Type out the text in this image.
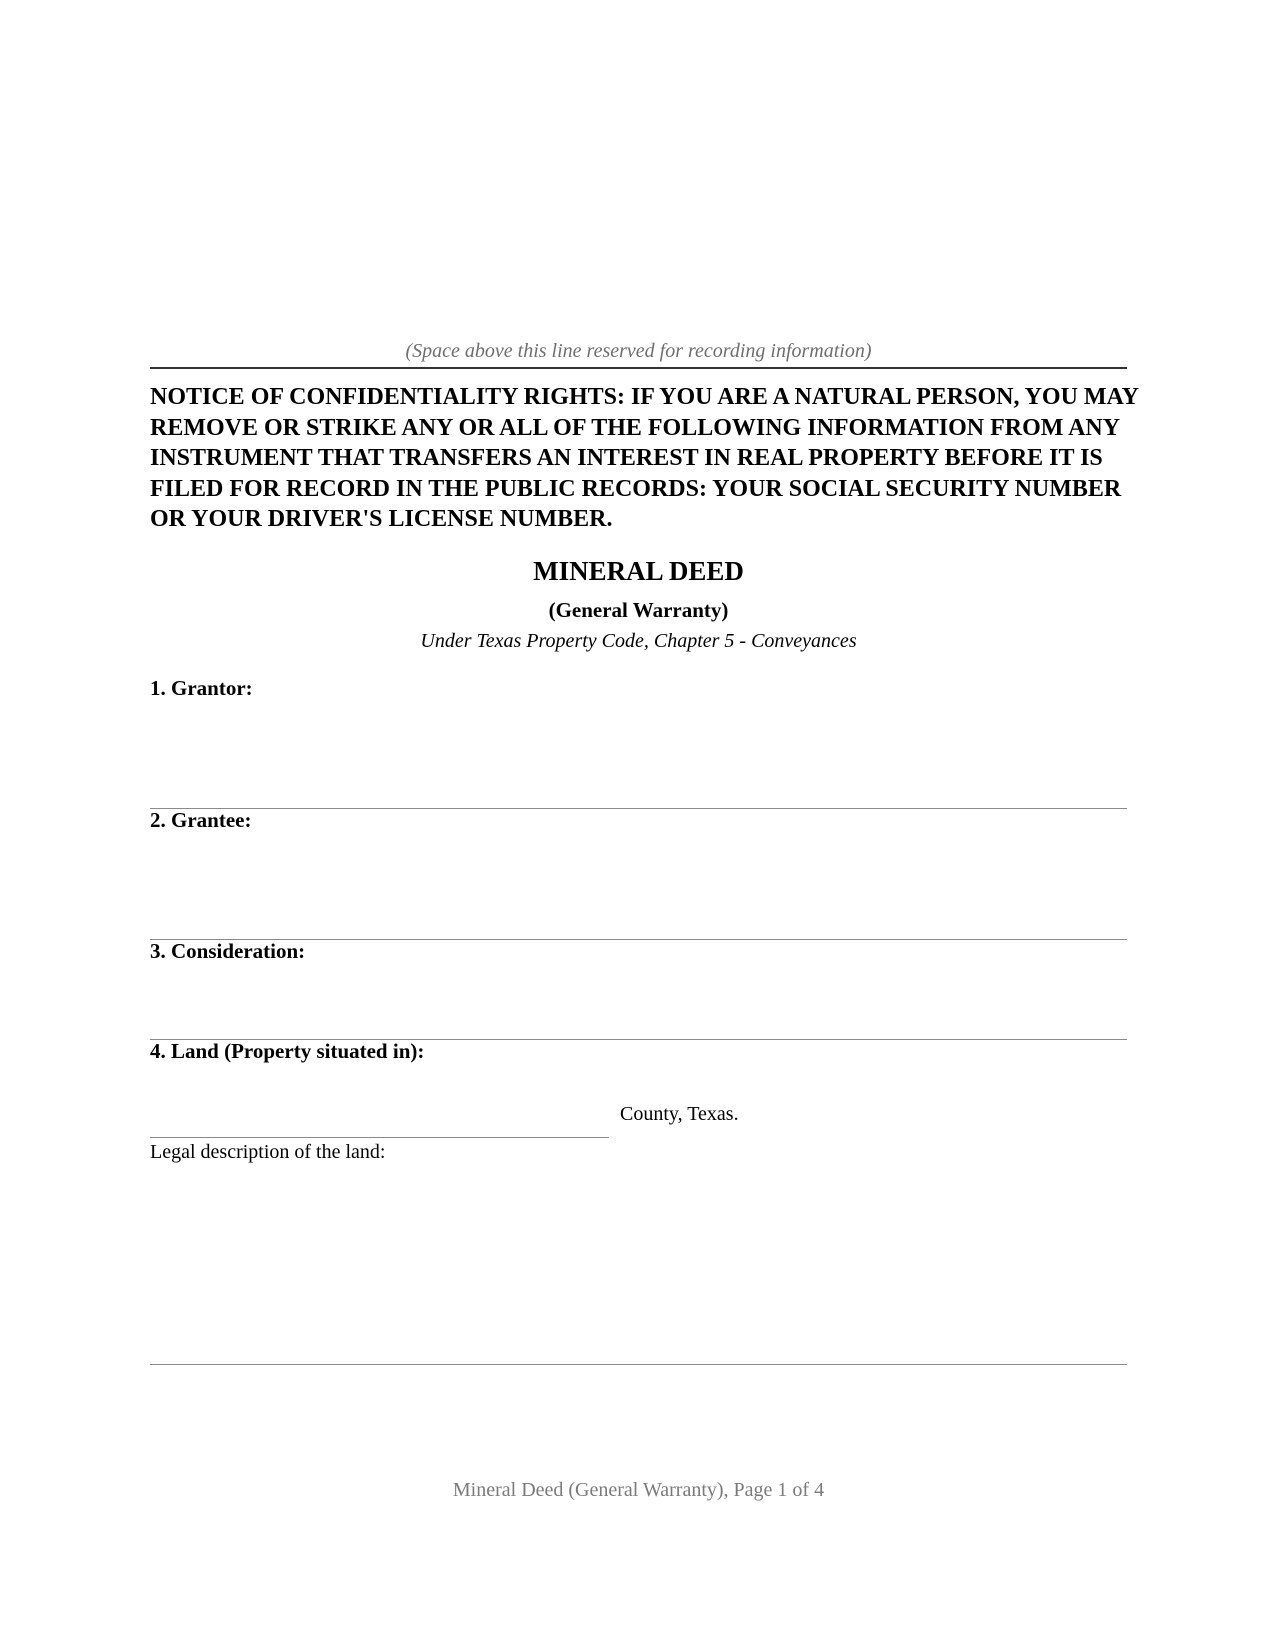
(Space above this line reserved for recording information)
NOTICE OF CONFIDENTIALITY RIGHTS: IF YOU ARE A NATURAL PERSON, YOU MAY REMOVE OR STRIKE ANY OR ALL OF THE FOLLOWING INFORMATION FROM ANY INSTRUMENT THAT TRANSFERS AN INTEREST IN REAL PROPERTY BEFORE IT IS FILED FOR RECORD IN THE PUBLIC RECORDS: YOUR SOCIAL SECURITY NUMBER OR YOUR DRIVER'S LICENSE NUMBER.
MINERAL DEED
(General Warranty)
Under Texas Property Code, Chapter 5 - Conveyances
1. Grantor:
2. Grantee:
3. Consideration:
4. Land (Property situated in):
County, Texas.
Legal description of the land:
Mineral Deed (General Warranty), Page 1 of 4
